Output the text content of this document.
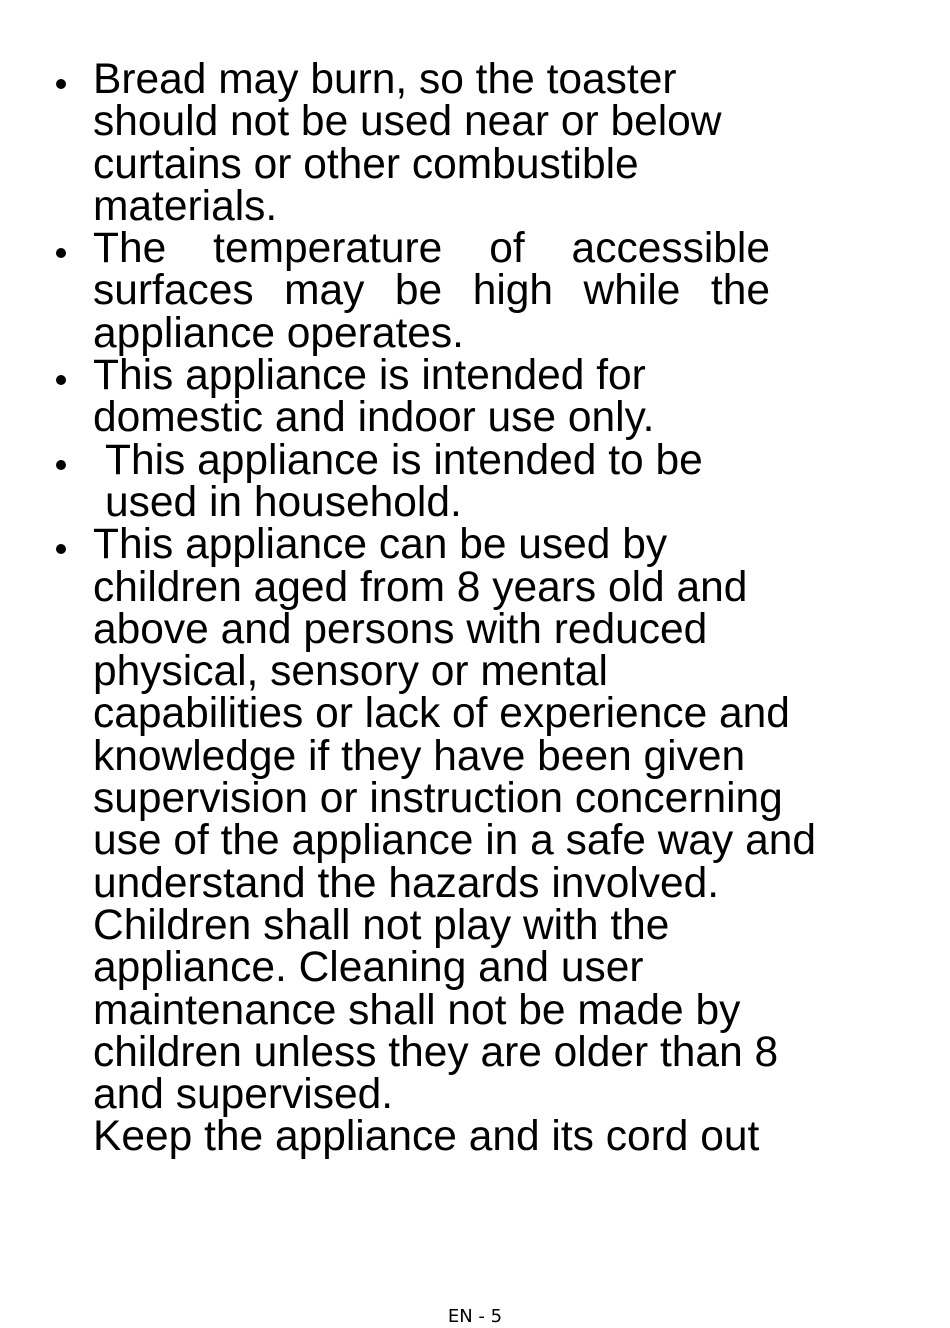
Bread may burn, so the toaster
should not be used near or below
curtains or other combustible
materials.
The temperature of accessible
surfaces may be high while the
appliance operates.
This appliance is intended for
domestic and indoor use only.
This appliance is intended to be
used in household.
This appliance can be used by
children aged from 8 years old and
above and persons with reduced
physical, sensory or mental
capabilities or lack of experience and
knowledge if they have been given
supervision or instruction concerning
use of the appliance in a safe way and
understand the hazards involved.
Children shall not play with the
appliance. Cleaning and user
maintenance shall not be made by
children unless they are older than 8
and supervised.
Keep the appliance and its cord out
EN - 5
